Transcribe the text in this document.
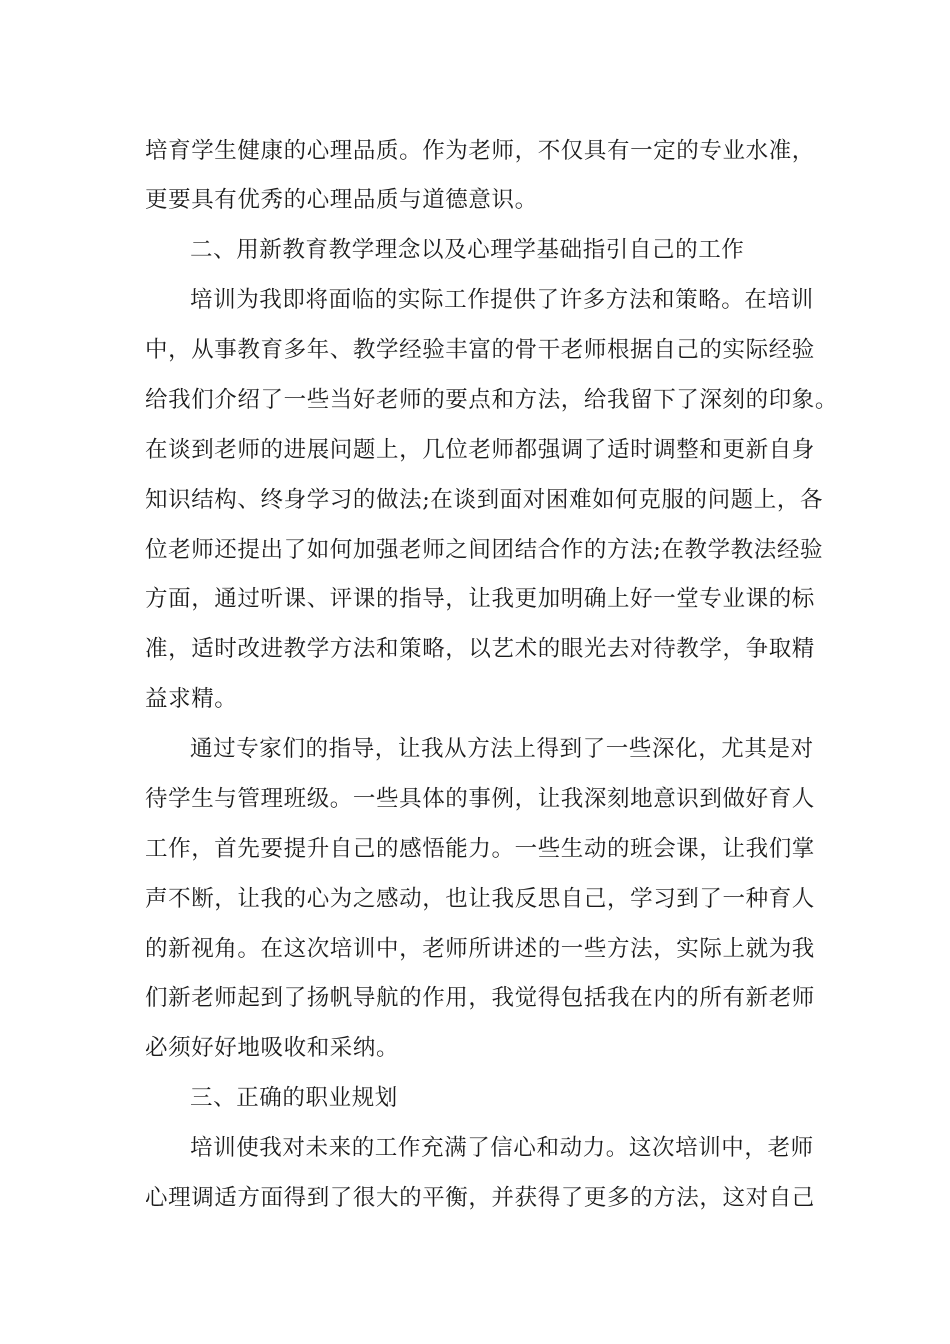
培育学生健康的心理品质。作为老师，不仅具有一定的专业水准，
更要具有优秀的心理品质与道德意识。
二、用新教育教学理念以及心理学基础指引自己的工作
培训为我即将面临的实际工作提供了许多方法和策略。在培训
中，从事教育多年、教学经验丰富的骨干老师根据自己的实际经验
给我们介绍了一些当好老师的要点和方法，给我留下了深刻的印象。
在谈到老师的进展问题上，几位老师都强调了适时调整和更新自身
知识结构、终身学习的做法;在谈到面对困难如何克服的问题上，各
位老师还提出了如何加强老师之间团结合作的方法;在教学教法经验
方面，通过听课、评课的指导，让我更加明确上好一堂专业课的标
准，适时改进教学方法和策略，以艺术的眼光去对待教学，争取精
益求精。
通过专家们的指导，让我从方法上得到了一些深化，尤其是对
待学生与管理班级。一些具体的事例，让我深刻地意识到做好育人
工作，首先要提升自己的感悟能力。一些生动的班会课，让我们掌
声不断，让我的心为之感动，也让我反思自己，学习到了一种育人
的新视角。在这次培训中，老师所讲述的一些方法，实际上就为我
们新老师起到了扬帆导航的作用，我觉得包括我在内的所有新老师
必须好好地吸收和采纳。
三、正确的职业规划
培训使我对未来的工作充满了信心和动力。这次培训中，老师
心理调适方面得到了很大的平衡，并获得了更多的方法，这对自己
